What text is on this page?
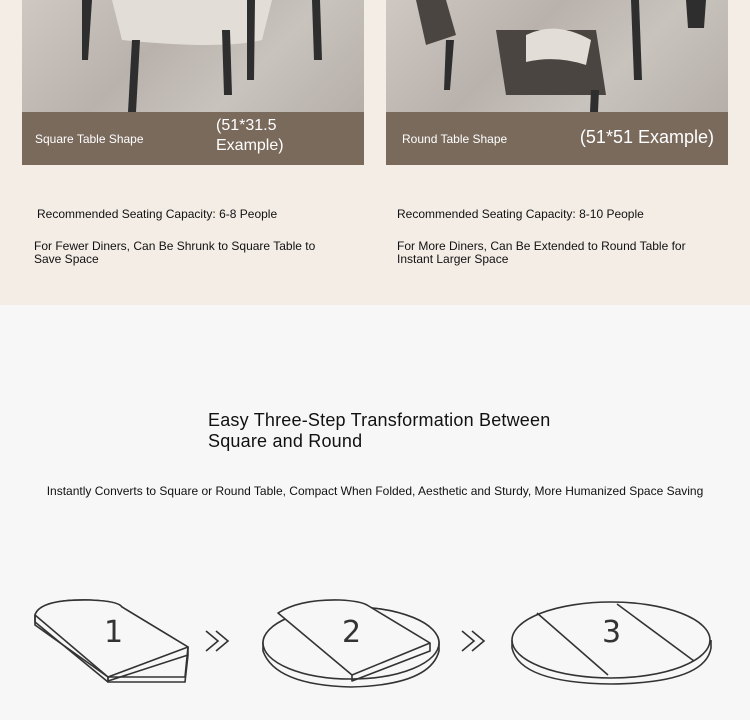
Square Table Shape
(51*31.5 Example)	Round Table Shape	(51*51 Example)
Recommended Seating Capacity: 6-8 People	Recommended Seating Capacity: 8-10 People
For Fewer Diners, Can Be Shrunk to Square Table to Save Space
For More Diners, Can Be Extended to Round Table for Instant Larger Space
Easy Three-Step Transformation Between Square and Round
Instantly Converts to Square or Round Table, Compact When Folded, Aesthetic and Sturdy, More Humanized Space Saving
1	2	3
